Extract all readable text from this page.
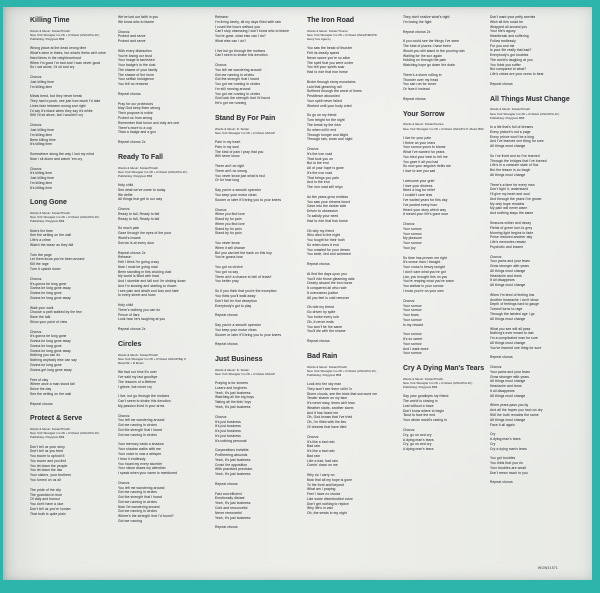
Killing Time
Words & Music: Snider/Pitrelli
New York Wrangler Inc./W + R Music (ASCAP/A.W.)
Publishing: Polygram BMI
Wrong place at the dead wrong time
What's mine is theirs, but what's theirs ain't mine
Hard times in the neighbourhood
When I'm good I'm bad and I was never good
So I sat alone, I'd sit and cry
Chorus:
Just killing time
I'm killing time
Minds bend, but they never break
They had to push, see just how much I'd take
Lines fade between wrong and right
I'd say it's black when they say it's white
Still I'd sit alone, but I wouldn't cry
Chorus:
Just killing time
I'm killing time
Been killing time
It's killing time
Somewhere along the way I lost my mind
Now I sit alone and watch 'em cry
Chorus:
It's killing time
Just killing time
I'm killing time
It's killing time
Long Gone
Words & Music: Snider/Pitrelli
New York Wrangler Inc./W + R Music (ASCAP/A.W.)
Publishing: Polygram BMI
Now's the time
See the writing on the wall
Life's a crime
Watch the mean as they fall
Turn the page
Let them know you've been around
Kill the rage
Turn it upside down
Chorus:
It's gonna be long gone
Gonna be long gone away
Gonna be long gone
Gonna be long gone away
Walk your walk
Choose a path walked by the few
Save the talk
Show your point of view
Chorus:
It's gonna be long gone
Gonna be long gone away
Gonna be long gone
Gonna be long gone away
Nothing you can do
Nothing anybody else can say
Gonna be long gone
Gonna get long gone away
Feet of clay
Where once a man stood tall
Seize the day
See the writing on the wall
Repeat chorus
Protect & Serve
Words & Music: Snider/Pitrelli
New York Wrangler Inc./W + R Music (ASCAP/A.W.)
Publishing: Polygram BMI
Don't tell us your story
Don't tell us you tried
You swore to uphold it
You swore and you lied
You let down the people
You let down the law
Your sisters, your brothers
You turned on us all
The pride of the city
The guardian in blue
Of duty and honour
You don't have a clue
Don't tell us you're human
That truth is quite plain
We've lost our faith in you
We know who to blame
Chorus:
Protect and serve
Protect and serve
With every distraction
You're losing our trust
Your image is tarnished
Your badge's in the dust
The shame of your family
The shame of the force
Your selfish indulgence
You felt no remorse
Repeat chorus
Pray for our protectors
May God keep them strong
Their purpose is noble
Protect us from wrong
Remember that honor and duty are one
There's more to a cop
Than a badge and a gun
Repeat chorus 2x
Ready To Fall
Words & Music: Snider/Pitrelli
New York Wrangler Inc./W + R Music (ASCAP/A.W.)
Publishing: Polygram BMI
Holy child
See what we've come to today
We defile
All things that get in our way
Chorus:
Ready to fall, Ready to fall
Ready to fall, Ready to fall
So much pain
Gaze through the eyes of the poor
World's insane
Sorrow is at every door
Repeat chorus 2x
Release:
Hell I think I'm going crazy
Now I must be going mad
Been standing in this choking dust
My world is filled with lead
And I stumble and fall and I'm sinking down
And I'm slowing and starting to drown
I see pain and death and loss and hate
In every street and town
Holy child
There's nothing you can do
Prince of liars
Look how he's laughing at you
Repeat chorus 2x
Circles
Words & Music: Snider/Pitrelli
New York Wrangler Inc./W + R Music ASCAP/Big If
Music/W + R Music
We had our time it's over
I've said my last goodbye
The lessons of a lifetime
I grieve, but never cry
I live, but go through the motions
Can't seem to shake this devotion
My passion lived in your arms
Chorus:
You left me wandering around
Got me running in circles
Got the strength that I found
Got me running in circles
Your memory casts a shadow
Your shadow walks with me
Your voice is now a whisper
I hear it endlessly
You haunt my every slumber
Your vision draws my attention
I speak when your name is mentioned
Chorus:
You left me wandering around
Got me running in circles
Got the strength that I found
Got me running in circles
Now I'm wandering around
Got me running in circles
Where's the strength that I'd found?
Got me running
Release:
I'm living lonely, all my days filled with rain
I count the hours without you
Can't stop obsessing I don't know who to blame
You're gone, what else can I do?
What else can I do?
I live but go through the motions
Can't seem to shake this devotion
Chorus:
You left me wandering around
Got me running in circles
Got the strength that I found
You got me running in circles
I'm still running around
You got me running in circles
God took the strength that I'd found
He's got me running
Stand By For Pain
Words & Music: D. Snider
New York Wrangler Inc./W + R Music ASCAP
Pain in my heart
Pain in my soul
The kind of pain I pray that you
Will never know
There ain't no right
There ain't no wrong
You never know just what is foul
Or for how long
Say you're a smooth operator
You keep your motor clean
Sooner or later it'll bring you to your knees
Chorus:
When you find love
Stand by for pain
When you find love
Stand by for pain
Stand by for pain
You never know
When it will choose
But you can bet the bank on this boy
You're gonna lose
You got no choice
You got no say
There ain't a chance in hell of leavin'
You better pray
So if you think that you're the exception
You think you'll walk away
Don't fall for that deception
Everybody's got to play
Repeat chorus
Say you're a smooth operator
You keep your motor clean
Sooner or later it'll bring you to your knees
Repeat chorus
Just Business
Words & Music: D. Snider
New York Wrangler Inc./W + R Music ASCAP
Praying is for sinners
Losers and forgivers
Yeah, it's just business
Watching all the big boys
Taking all the kids' toys
Yeah, it's just business
Chorus:
It's just business
It's just business
It's just business
It's just business
It's nothing personal
Corporations invisible
Profiteering abounds
Yeah, it's just business
Crush the opposition
With practiced precision
Yeah, it's just business
Repeat chorus
Fast and efficient
Emotionally distant
Yeah, it's just business
Cold and resourceful
Never remorseful
Yeah, it's just business
Repeat chorus
The Iron Road
Words & Music: Snider/Thorne
New York Wrangler Inc./W + R Music ASCAP/MCPS/
Harry Fox Agency
You saw the beast of thunder
Felt its deadly speed
Never swore you're so alive
The spell that you were under
You felt your spirits soar
Had to ride that iron horse
Broke through stony mountains
Laid that gleaming rail
Suffered through the worst of times
Pestilence abounded
Your spirit never failed
Worked until your body cried
So go on my friend
Turn freight for the night
The break by the rider
So when will it end
Through hunger and blight
Through rain, snow and night
Chorus:
It's the iron road
That took you on
But in the end
All of your hope is gone
It's the iron road
That brings you pain
And in the end
The iron road will reign
As the years grow endless
You saw your dreams found
Gave into the darker side
Driven to obsession
To satisfy your need
Had to ride that iron horse
Oh why my friend
Who died in the night
You fought for their truth
So when does it end
You crawled for your dream
You stole, lied and schemed
Repeat chorus
At first the days upon you
You'll ride those gleaming rails
Clearly aboard the iron horse
It conquered all who rode
It overcomes justice
All you feel is cold remorse
Oh ride my friend
Go driven by spite
You broke every rule
Oh, it never ends
You won't be the same
You'll die with the shame
Repeat chorus
Bad Rain
Words & Music: Snider/Pitrelli
New York Wrangler Inc./W + R Music (ASCAP/A.W.)
Publishing: Polygram BMI
Look into the sky man
They won't see them rollin' in
Storm clouds, see the trials that surround me
Tender shame on my face
It's never easy, times ain't lean
Weather starts, another storm
And it has found me
Oh, God knows that I've tried
Oh, I'm filled with the lies
Of dreams that have died
Chorus:
It's like a bad rain
Bad rain
It's like a bad rain
Bad rain
Like a bad, bad rain
Comin' down on me
Why do I carry on
Now that all my hope is gone
To the front and beyond
What am I praying
Feel I have no choice
Like some disembodied voice
Don't get nothing to rejoice
Why life's in vain
Oh, the seeds in my night
They don't realize what's right
I'm losing the fight
Repeat chorus 2x
If you could see the things I've seen
The kind of places I have been
Would you still stand in the pouring rain
Waiting for the sun again
Holding on through the pain
Watching hope go down the drain
There's a storm rolling in
Thunder over my head
You can run for cover
Or face it instead
Repeat chorus
Your Sorrow
Words & Music: Snider/France
New York Wrangler Inc./W + R Music ASCAP/J.P. Music BMI
I live for your pain
I thrive on your tears
Your sorrow yours to blame
What I've wanted for years
You tried your best to tell me
You gave it all you had
So now your anguish thrills me
I love to see you sad
I welcome your grief
I love your distress
Need a hug for relief
I couldn't care less
I've waited years for this day
I've posted every hour
Heard your story which way
It meant your life's gone sour
Chorus:
Your sorrow
Your sorrow
My pleasure
Your sorrow
Your joy
So time has proven me right
It's worse than I thought
Your cross is heavy tonight
I don't care what you've got
Liar, you brought this on you
You're reaping what you've sown
You wallow in your sorrow
I know you're on your own
Chorus:
Your sorrow
Your sorrow
Your tears
Your sorrow
Is my reward
Your sorrow
It's so sweet
Your sorrow
And I want more
Your sorrow
Cry A Dying Man's Tears
Words & Music: Snider/Pitrelli
New York Wrangler Inc./W + R Music (ASCAP/A.W.)
Publishing: Polygram BMI
Say your goodbyes my friend
The world is closing in
Lost without a trace
Don't know where to begin
'Bout to face the end
Your whole world's caving in
Chorus:
Cry, go on and cry
A dying man's tears
Cry, go on and cry
A dying man's tears
Don't want your petty worries
Wish all this could be
Wrapped all around you
Your life's agony
Heartbreak and suffering
Follow endlessly
For you and me
Is your life really that bad?
Everybody's got troubles
The world's laughing at you
You think you suffer
But compared to what?
Life's crises are your cross to bear
Repeat chorus
All Things Must Change
Words & Music: Snider/Pitrelli
New York Wrangler Inc./W + R Music (ASCAP/A.W.)
Publishing: Polygram BMI
In a life that's full of dreams
Every picture's not a page
Every prince won't be a king
And I've learned one thing for sure
All things must change
So I've lived and so I've learned
Through the bridges that I've burned
Life's in a constant state of flux
But the lesson is so tough
All things must change
There's a time for every man
Don't fight it, understand
I'll give my heart and soul
And through the years I've grown
My only hope remains
My pain will never wane
And nothing stays the same
Seasons wither and decay
Fields of green turn to grey
Morning light begins to fade
Pulse restored another day
Life's memories remain
Psychotic and insane
Chorus:
Your pains and your fears
Grow stronger with years
All things must change
Heartache and tears
It all disappears
All things must change
When I'm tired of feeling low
Another heartache I don't show
Depth of feelings hard to gauge
Turmoil turns to rage
Through the twisted age I go
All things must change
What you see will all pass
Nothing's ever meant to last
I'm a complicated man for sure
All things must change
You've learned one thing for sure
Repeat chorus
Chorus:
Your pains and your fears
Grow stronger with years
All things must change
Heartache and tears
It all disappears
All things must change
When years pass you by
And all the hopes you had run dry
Still the truth remains the same
All things must change
Face it all again
Cry
A dying man's tears
Cry
Cry a dying man's tears
You got troubles
You think that you do
Your troubles are small
Don't mean much to you
Repeat chorus
WOW21571
